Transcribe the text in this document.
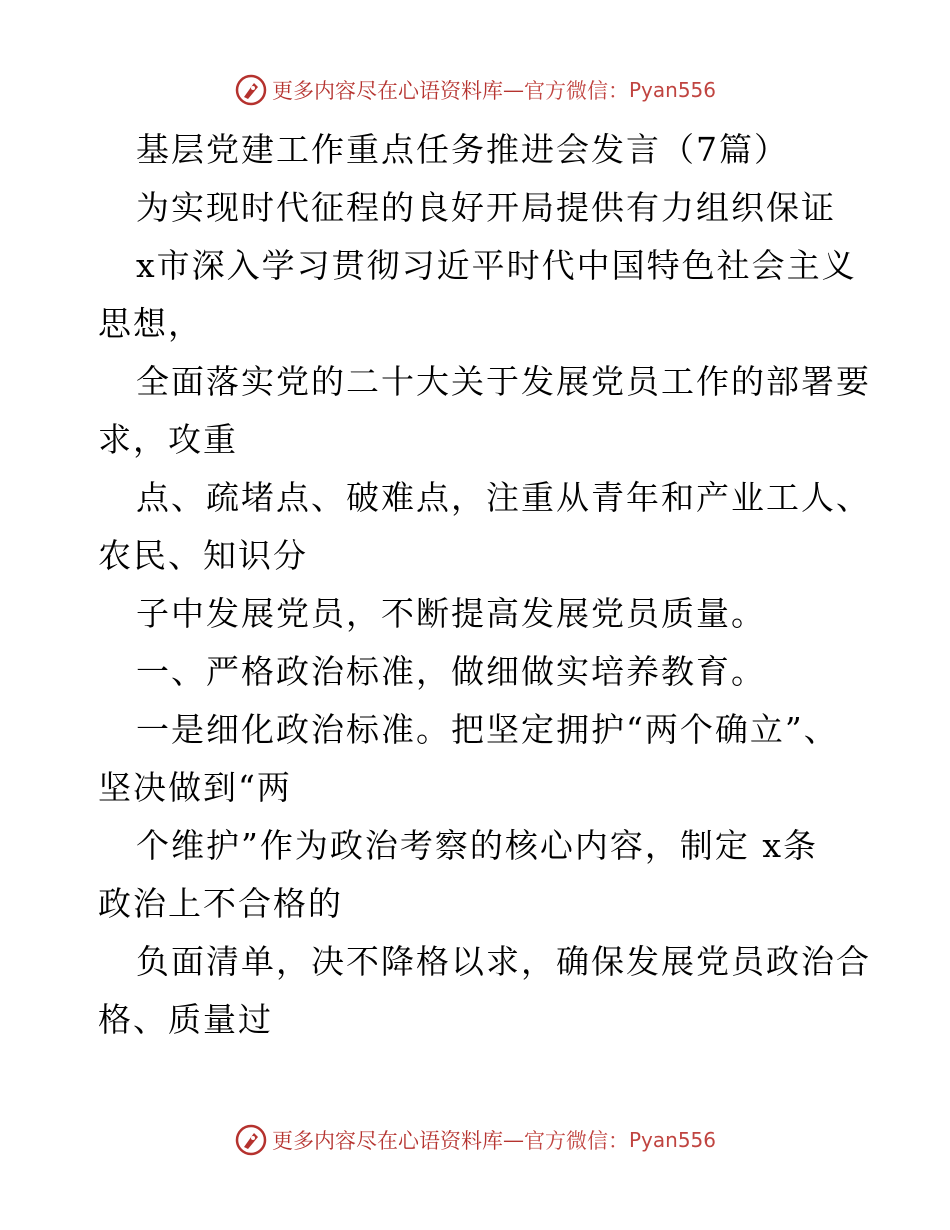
更多内容尽在心语资料库 — 官方微信： Pyan556
基层党建工作重点任务推进会发言（7篇）
为实现时代征程的良好开局提供有力组织保证
x市深入学习贯彻习近平时代中国特色社会主义
思想，
全面落实党的二十大关于发展党员工作的部署要
求，攻重
点、疏堵点、破难点，注重从青年和产业工人、
农民、知识分
子中发展党员，不断提高发展党员质量。
一、严格政治标准，做细做实培养教育。
一是细化政治标准。把坚定拥护“两个确立”、
坚决做到“两
个维护”作为政治考察的核心内容，制定 x条
政治上不合格的
负面清单，决不降格以求，确保发展党员政治合
格、质量过
更多内容尽在心语资料库 — 官方微信： Pyan556
